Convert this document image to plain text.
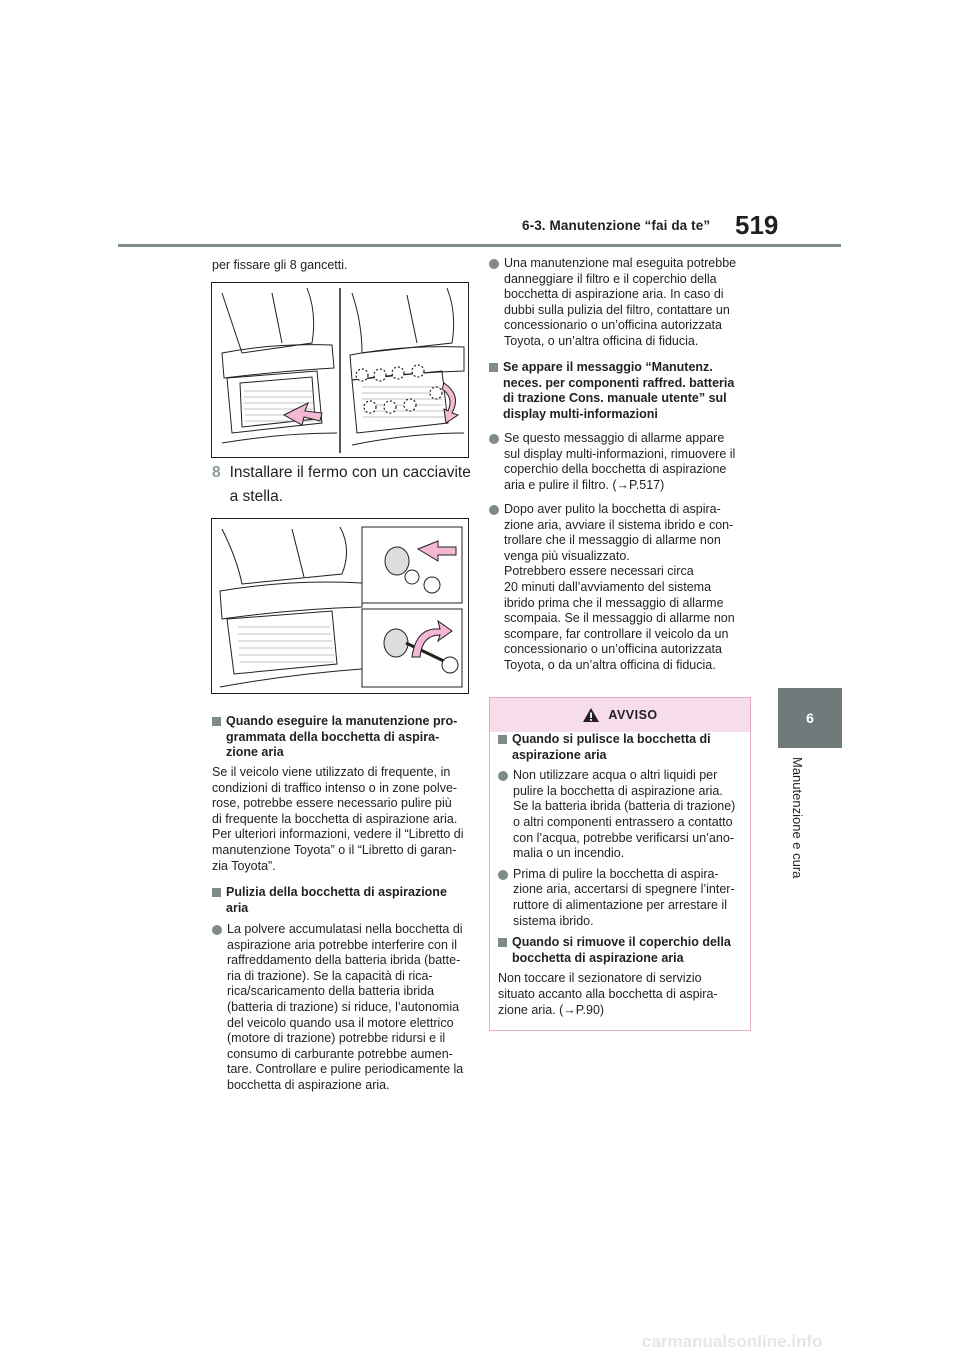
6-3. Manutenzione “fai da te” 519
6
Manutenzione e cura
per fissare gli 8 gancetti.
8 Installare il fermo con un cacciavite
a stella.
Quando eseguire la manutenzione pro-
grammata della bocchetta di aspira-
zione aria
Se il veicolo viene utilizzato di frequente, in
condizioni di traffico intenso o in zone polve-
rose, potrebbe essere necessario pulire più
di frequente la bocchetta di aspirazione aria.
Per ulteriori informazioni, vedere il “Libretto di
manutenzione Toyota” o il “Libretto di garan-
zia Toyota”.
Pulizia della bocchetta di aspirazione
aria
La polvere accumulatasi nella bocchetta di
aspirazione aria potrebbe interferire con il
raffreddamento della batteria ibrida (batte-
ria di trazione). Se la capacità di rica-
rica/scaricamento della batteria ibrida
(batteria di trazione) si riduce, l’autonomia
del veicolo quando usa il motore elettrico
(motore di trazione) potrebbe ridursi e il
consumo di carburante potrebbe aumen-
tare. Controllare e pulire periodicamente la
bocchetta di aspirazione aria.
Una manutenzione mal eseguita potrebbe
danneggiare il filtro e il coperchio della
bocchetta di aspirazione aria. In caso di
dubbi sulla pulizia del filtro, contattare un
concessionario o un’officina autorizzata
Toyota, o un’altra officina di fiducia.
Se appare il messaggio “Manutenz.
neces. per componenti raffred. batteria
di trazione Cons. manuale utente” sul
display multi-informazioni
Se questo messaggio di allarme appare
sul display multi-informazioni, rimuovere il
coperchio della bocchetta di aspirazione
aria e pulire il filtro. (→P.517)
Dopo aver pulito la bocchetta di aspira-
zione aria, avviare il sistema ibrido e con-
trollare che il messaggio di allarme non
venga più visualizzato.
Potrebbero essere necessari circa
20 minuti dall’avviamento del sistema
ibrido prima che il messaggio di allarme
scompaia. Se il messaggio di allarme non
scompare, far controllare il veicolo da un
concessionario o un’officina autorizzata
Toyota, o da un’altra officina di fiducia.
AVVISO
Quando si pulisce la bocchetta di
aspirazione aria
Non utilizzare acqua o altri liquidi per
pulire la bocchetta di aspirazione aria.
Se la batteria ibrida (batteria di trazione)
o altri componenti entrassero a contatto
con l’acqua, potrebbe verificarsi un’ano-
malia o un incendio.
Prima di pulire la bocchetta di aspira-
zione aria, accertarsi di spegnere l’inter-
ruttore di alimentazione per arrestare il
sistema ibrido.
Quando si rimuove il coperchio della
bocchetta di aspirazione aria
Non toccare il sezionatore di servizio
situato accanto alla bocchetta di aspira-
zione aria. (→P.90)
carmanualsonline.info
